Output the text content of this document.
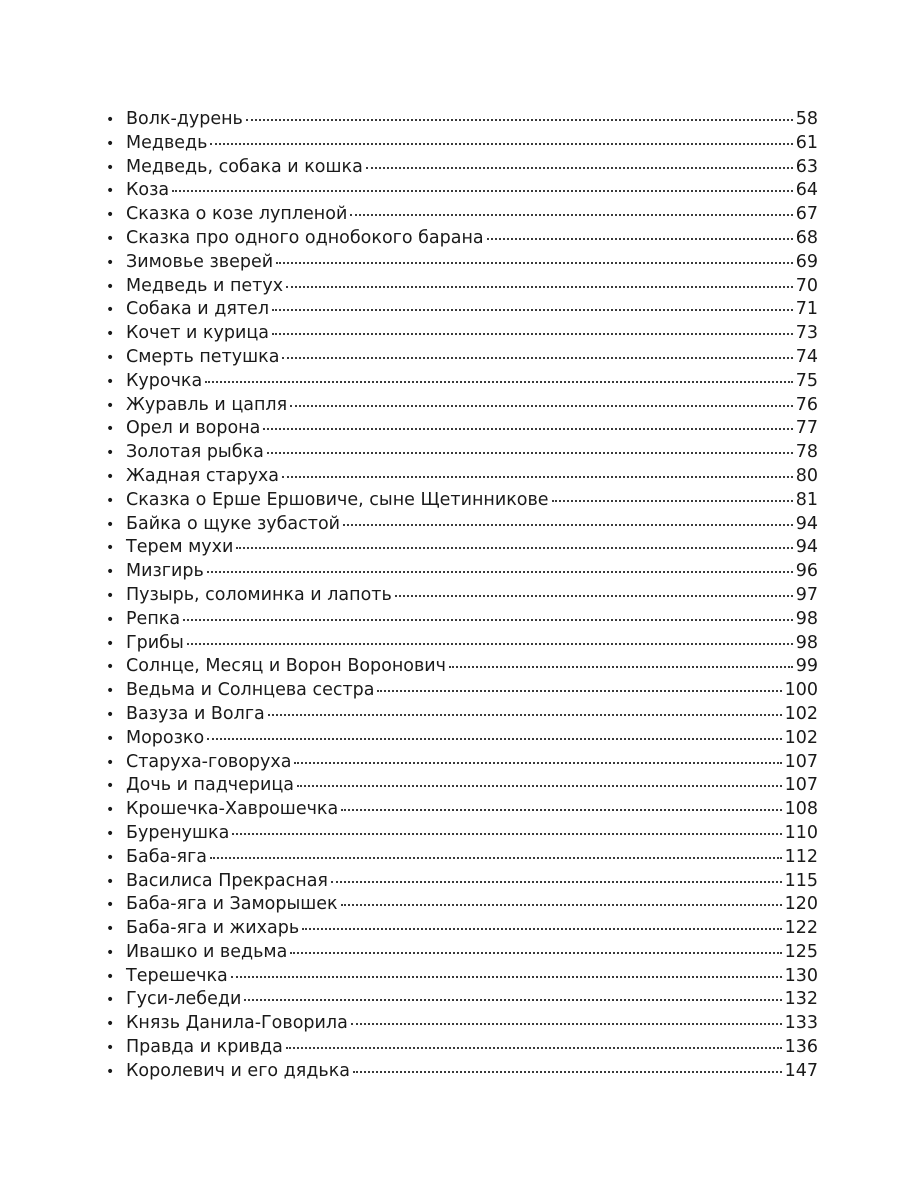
• Волк-дурень	58
• Медведь	61
• Медведь, собака и кошка	63
• Коза	64
• Сказка о козе лупленой	67
• Сказка про одного однобокого барана	68
• Зимовье зверей	69
• Медведь и петух	70
• Собака и дятел	71
• Кочет и курица	73
• Смерть петушка	74
• Курочка	75
• Журавль и цапля	76
• Орел и ворона	77
• Золотая рыбка	78
• Жадная старуха	80
• Сказка о Ерше Ершовиче, сыне Щетинникове	81
• Байка о щуке зубастой	94
• Терем мухи	94
• Мизгирь	96
• Пузырь, соломинка и лапоть	97
• Репка	98
• Грибы	98
• Солнце, Месяц и Ворон Воронович	99
• Ведьма и Солнцева сестра	100
• Вазуза и Волга	102
• Морозко	102
• Старуха-говоруха	107
• Дочь и падчерица	107
• Крошечка-Хаврошечка	108
• Буренушка	110
• Баба-яга	112
• Василиса Прекрасная	115
• Баба-яга и Заморышек	120
• Баба-яга и жихарь	122
• Ивашко и ведьма	125
• Терешечка	130
• Гуси-лебеди	132
• Князь Данила-Говорила	133
• Правда и кривда	136
• Королевич и его дядька	147
